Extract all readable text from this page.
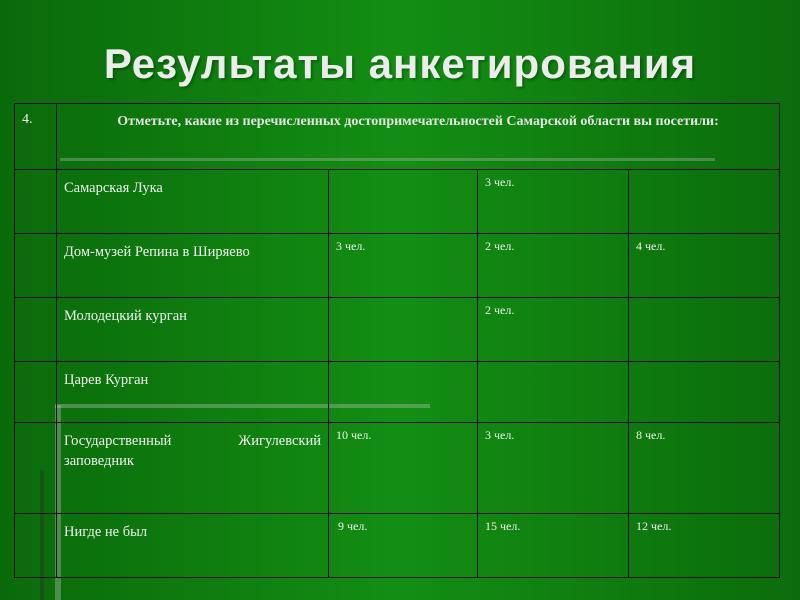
Результаты анкетирования
4.	Отметьте, какие из перечисленных достопримечательностей Самарской области вы посетили:			
	Самарская Лука		3 чел.	
	Дом-музей Репина в Ширяево	3 чел.	2 чел.	4 чел.
	Молодецкий курган		2 чел.	
	Царев Курган			
	Государственный Жигулевский заповедник	10 чел.	3 чел.	8 чел.
	Нигде не был	9 чел.	15 чел.	12 чел.
